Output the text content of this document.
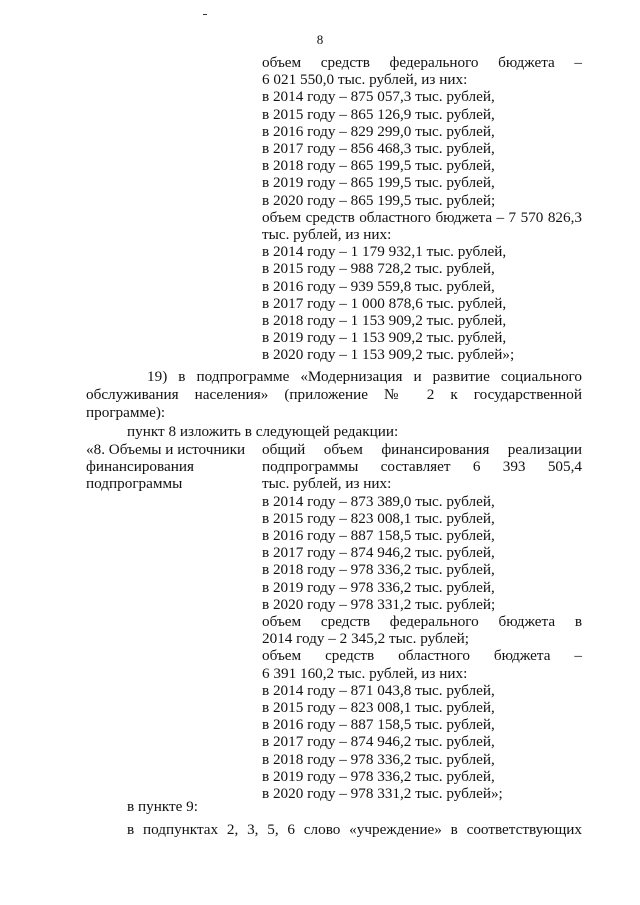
8
объем средств федерального бюджета –
6 021 550,0 тыс. рублей, из них:
в 2014 году – 875 057,3 тыс. рублей,
в 2015 году – 865 126,9 тыс. рублей,
в 2016 году – 829 299,0 тыс. рублей,
в 2017 году – 856 468,3 тыс. рублей,
в 2018 году – 865 199,5 тыс. рублей,
в 2019 году – 865 199,5 тыс. рублей,
в 2020 году – 865 199,5 тыс. рублей;
объем средств областного бюджета – 7 570 826,3
тыс. рублей, из них:
в 2014 году – 1 179 932,1 тыс. рублей,
в 2015 году – 988 728,2 тыс. рублей,
в 2016 году – 939 559,8 тыс. рублей,
в 2017 году – 1 000 878,6 тыс. рублей,
в 2018 году – 1 153 909,2 тыс. рублей,
в 2019 году – 1 153 909,2 тыс. рублей,
в 2020 году – 1 153 909,2 тыс. рублей»;
19) в подпрограмме «Модернизация и развитие социального
обслуживания населения» (приложение № 2 к государственной
программе):
пункт 8 изложить в следующей редакции:
«8. Объемы и источники
финансирования
подпрограммы
общий объем финансирования реализации
подпрограммы составляет 6 393 505,4
тыс. рублей, из них:
в 2014 году – 873 389,0 тыс. рублей,
в 2015 году – 823 008,1 тыс. рублей,
в 2016 году – 887 158,5 тыс. рублей,
в 2017 году – 874 946,2 тыс. рублей,
в 2018 году – 978 336,2 тыс. рублей,
в 2019 году – 978 336,2 тыс. рублей,
в 2020 году – 978 331,2 тыс. рублей;
объем средств федерального бюджета в
2014 году – 2 345,2 тыс. рублей;
объем средств областного бюджета –
6 391 160,2 тыс. рублей, из них:
в 2014 году – 871 043,8 тыс. рублей,
в 2015 году – 823 008,1 тыс. рублей,
в 2016 году – 887 158,5 тыс. рублей,
в 2017 году – 874 946,2 тыс. рублей,
в 2018 году – 978 336,2 тыс. рублей,
в 2019 году – 978 336,2 тыс. рублей,
в 2020 году – 978 331,2 тыс. рублей»;
в пункте 9:
в подпунктах 2, 3, 5, 6 слово «учреждение» в соответствующих
